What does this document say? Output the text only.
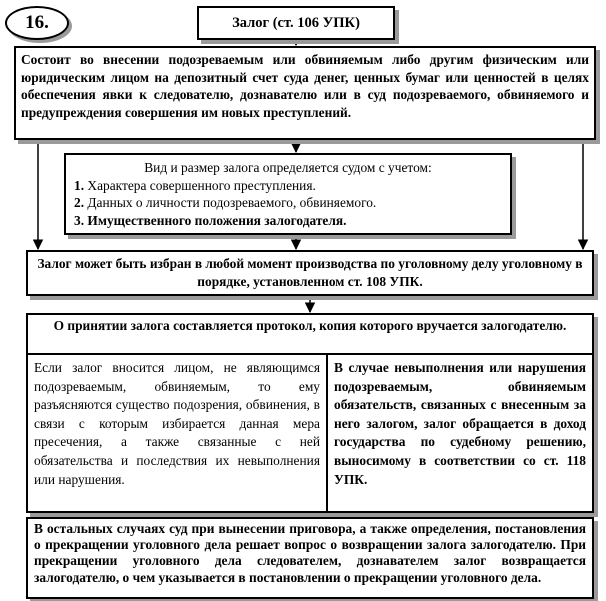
16.	Залог (ст. 106 УПК)
Состоит во внесении подозреваемым или обвиняемым либо другим физическим или юридическим лицом на депозитный счет суда денег, ценных бумаг или ценностей в целях обеспечения явки к следователю, дознавателю или в суд подозреваемого, обвиняемого и предупреждения совершения им новых преступлений.
Вид и размер залога определяется судом с учетом:
1. Характера совершенного преступления.
2. Данных о личности подозреваемого, обвиняемого.
3. Имущественного положения залогодателя.
Залог может быть избран в любой момент производства по уголовному делу уголовному в порядке, установленном ст. 108 УПК.
О принятии залога составляется протокол, копия которого вручается залогодателю.
Если залог вносится лицом, не являющимся подозреваемым, обвиняемым, то ему разъясняются существо подозрения, обвинения, в связи с которым избирается данная мера пресечения, а также связанные с ней обязательства и последствия их невыполнения или нарушения.
В случае невыполнения или нарушения подозреваемым, обвиняемым обязательств, связанных с внесенным за него залогом, залог обращается в доход государства по судебному решению, выносимому в соответствии со ст. 118 УПК.
В остальных случаях суд при вынесении приговора, а также определения, постановления о прекращении уголовного дела решает вопрос о возвращении залога залогодателю. При прекращении уголовного дела следователем, дознавателем залог возвращается залогодателю, о чем указывается в постановлении о прекращении уголовного дела.
